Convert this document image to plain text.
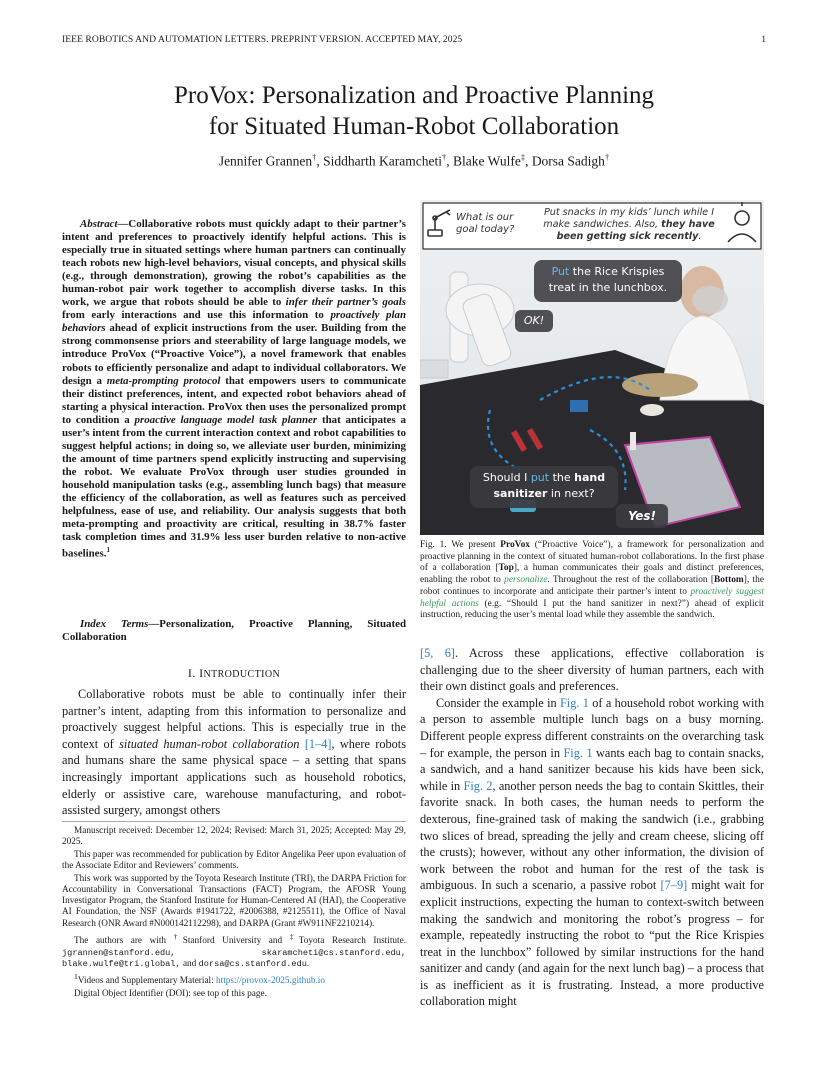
IEEE ROBOTICS AND AUTOMATION LETTERS. PREPRINT VERSION. ACCEPTED MAY, 2025	1
ProVox: Personalization and Proactive Planning
for Situated Human-Robot Collaboration
Jennifer Grannen†, Siddharth Karamcheti†, Blake Wulfe‡, Dorsa Sadigh†
Abstract—Collaborative robots must quickly adapt to their partner’s intent and preferences to proactively identify helpful actions. This is especially true in situated settings where human partners can continually teach robots new high-level behaviors, visual concepts, and physical skills (e.g., through demonstration), growing the robot’s capabilities as the human-robot pair work together to accomplish diverse tasks. In this work, we argue that robots should be able to infer their partner’s goals from early interactions and use this information to proactively plan behaviors ahead of explicit instructions from the user. Building from the strong commonsense priors and steerability of large language models, we introduce ProVox (“Proactive Voice”), a novel framework that enables robots to efficiently personalize and adapt to individual collaborators. We design a meta-prompting protocol that empowers users to communicate their distinct preferences, intent, and expected robot behaviors ahead of starting a physical interaction. ProVox then uses the personalized prompt to condition a proactive language model task planner that anticipates a user’s intent from the current interaction context and robot capabilities to suggest helpful actions; in doing so, we alleviate user burden, minimizing the amount of time partners spend explicitly instructing and supervising the robot. We evaluate ProVox through user studies grounded in household manipulation tasks (e.g., assembling lunch bags) that measure the efficiency of the collaboration, as well as features such as perceived helpfulness, ease of use, and reliability. Our analysis suggests that both meta-prompting and proactivity are critical, resulting in 38.7% faster task completion times and 31.9% less user burden relative to non-active baselines.$^1$
Index Terms—Personalization, Proactive Planning, Situated Collaboration
I. INTRODUCTION

Collaborative robots must be able to continually infer their partner’s intent, adapting from this information to personalize and proactively suggest helpful actions. This is especially true in the context of situated human-robot collaboration [1–4], where robots and humans share the same physical space – a setting that spans increasingly important applications such as household robotics, elderly or assistive care, warehouse manufacturing, and robot-assisted surgery, amongst others

Manuscript received: December 12, 2024; Revised: March 31, 2025; Accepted: May 29, 2025.

This paper was recommended for publication by Editor Angelika Peer upon evaluation of the Associate Editor and Reviewers’ comments.

This work was supported by the Toyota Research Institute (TRI), the DARPA Friction for Accountability in Conversational Transactions (FACT) Program, the AFOSR Young Investigator Program, the Stanford Institute for Human-Centered AI (HAI), the Cooperative AI Foundation, the NSF (Awards #1941722, #2006388, #2125511), the Office of Naval Research (ONR Award #N000142112298), and DARPA (Grant #W911NF2210214).

The authors are with †Stanford University and ‡Toyota Research Institute. jgrannen@stanford.edu, skaramcheti@cs.stanford.edu, blake.wulfe@tri.global, and dorsa@cs.stanford.edu.

$^1$Videos and Supplementary Material: https://provox-2025.github.io

Digital Object Identifier (DOI): see top of this page.

What is our goal today?
Put snacks in my kids’ lunch while I make sandwiches. Also, they have been getting sick recently.
Put the Rice Krispies treat in the lunchbox.
OK!
Should I put the hand sanitizer in next?
Yes!
Fig. 1. We present ProVox (“Proactive Voice”), a framework for personalization and proactive planning in the context of situated human-robot collaborations. In the first phase of a collaboration [Top], a human communicates their goals and distinct preferences, enabling the robot to personalize. Throughout the rest of the collaboration [Bottom], the robot continues to incorporate and anticipate their partner’s intent to proactively suggest helpful actions (e.g. “Should I put the hand sanitizer in next?”) ahead of explicit instruction, reducing the user’s mental load while they assemble the sandwich.

[5, 6]. Across these applications, effective collaboration is challenging due to the sheer diversity of human partners, each with their own distinct goals and preferences.

Consider the example in Fig. 1 of a household robot working with a person to assemble multiple lunch bags on a busy morning. Different people express different constraints on the overarching task – for example, the person in Fig. 1 wants each bag to contain snacks, a sandwich, and a hand sanitizer because his kids have been sick, while in Fig. 2, another person needs the bag to contain Skittles, their favorite snack. In both cases, the human needs to perform the dexterous, fine-grained task of making the sandwich (i.e., grabbing two slices of bread, spreading the jelly and cream cheese, slicing off the crusts); however, without any other information, the division of work between the robot and human for the rest of the task is ambiguous. In such a scenario, a passive robot [7–9] might wait for explicit instructions, expecting the human to context-switch between making the sandwich and monitoring the robot’s progress – for example, repeatedly instructing the robot to “put the Rice Krispies treat in the lunchbox” followed by similar instructions for the hand sanitizer and candy (and again for the next lunch bag) – a process that is as inefficient as it is frustrating. Instead, a more productive collaboration might
